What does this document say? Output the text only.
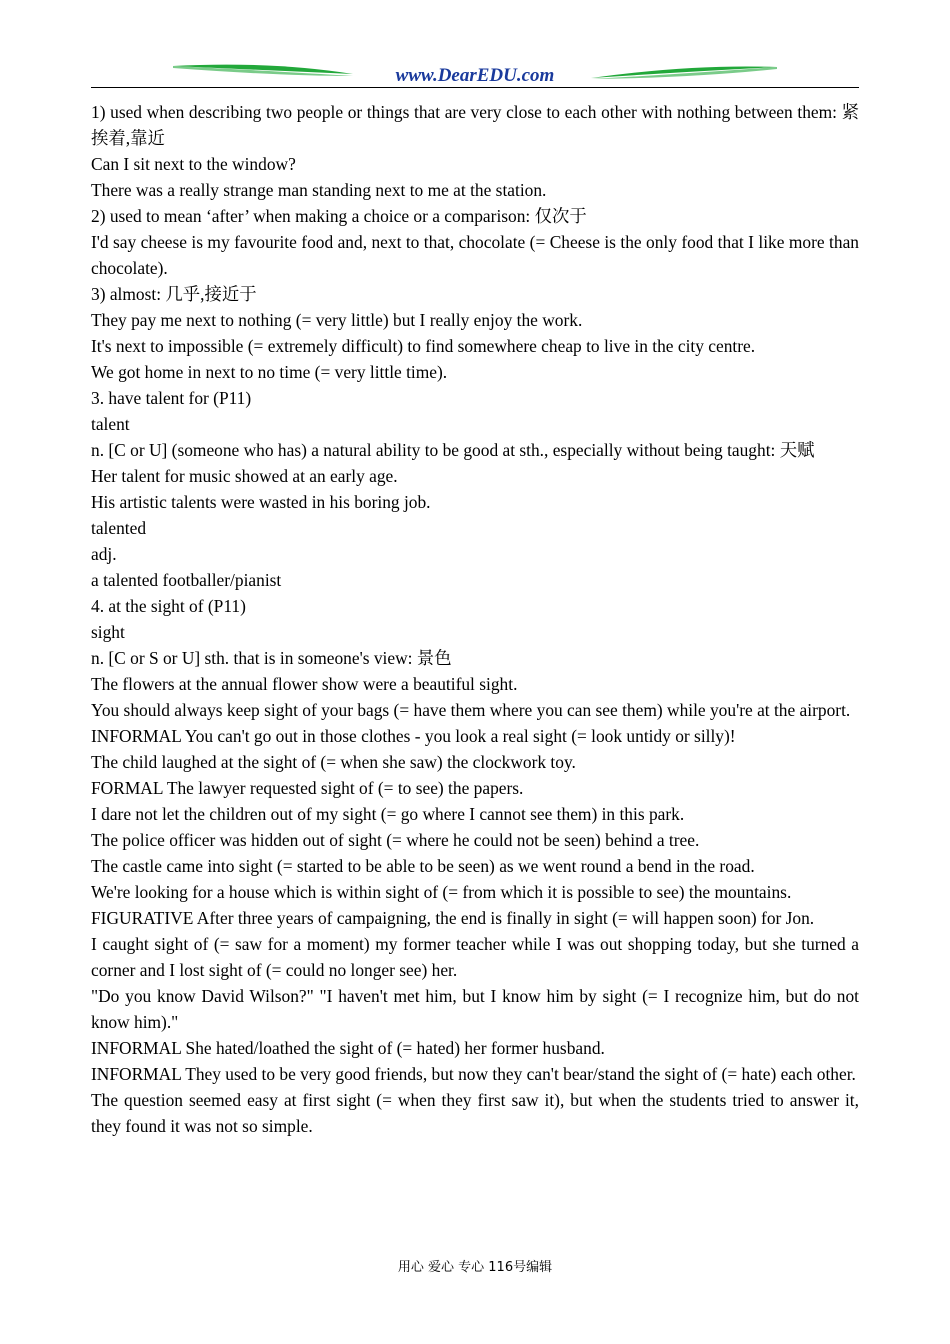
www.DearEDU.com

1) used when describing two people or things that are very close to each other with nothing between them: 紧挨着,靠近

Can I sit next to the window?

There was a really strange man standing next to me at the station.

2) used to mean ‘after’ when making a choice or a comparison: 仅次于

I'd say cheese is my favourite food and, next to that, chocolate (= Cheese is the only food that I like more than chocolate).

3) almost: 几乎,接近于

They pay me next to nothing (= very little) but I really enjoy the work.

It's next to impossible (= extremely difficult) to find somewhere cheap to live in the city centre.

We got home in next to no time (= very little time).

3. have talent for (P11)

talent

n. [C or U] (someone who has) a natural ability to be good at sth., especially without being taught: 天赋

Her talent for music showed at an early age.

His artistic talents were wasted in his boring job.

talented

adj.

a talented footballer/pianist

4. at the sight of (P11)

sight

n. [C or S or U] sth. that is in someone's view: 景色

The flowers at the annual flower show were a beautiful sight.

You should always keep sight of your bags (= have them where you can see them) while you're at the airport.

INFORMAL You can't go out in those clothes - you look a real sight (= look untidy or silly)!

The child laughed at the sight of (= when she saw) the clockwork toy.

FORMAL The lawyer requested sight of (= to see) the papers.

I dare not let the children out of my sight (= go where I cannot see them) in this park.

The police officer was hidden out of sight (= where he could not be seen) behind a tree.

The castle came into sight (= started to be able to be seen) as we went round a bend in the road.

We're looking for a house which is within sight of (= from which it is possible to see) the mountains.

FIGURATIVE After three years of campaigning, the end is finally in sight (= will happen soon) for Jon.

I caught sight of (= saw for a moment) my former teacher while I was out shopping today, but she turned a corner and I lost sight of (= could no longer see) her.

"Do you know David Wilson?" "I haven't met him, but I know him by sight (= I recognize him, but do not know him)."

INFORMAL She hated/loathed the sight of (= hated) her former husband.

INFORMAL They used to be very good friends, but now they can't bear/stand the sight of (= hate) each other.

The question seemed easy at first sight (= when they first saw it), but when the students tried to answer it, they found it was not so simple.

用心 爱心 专心 116号编辑
